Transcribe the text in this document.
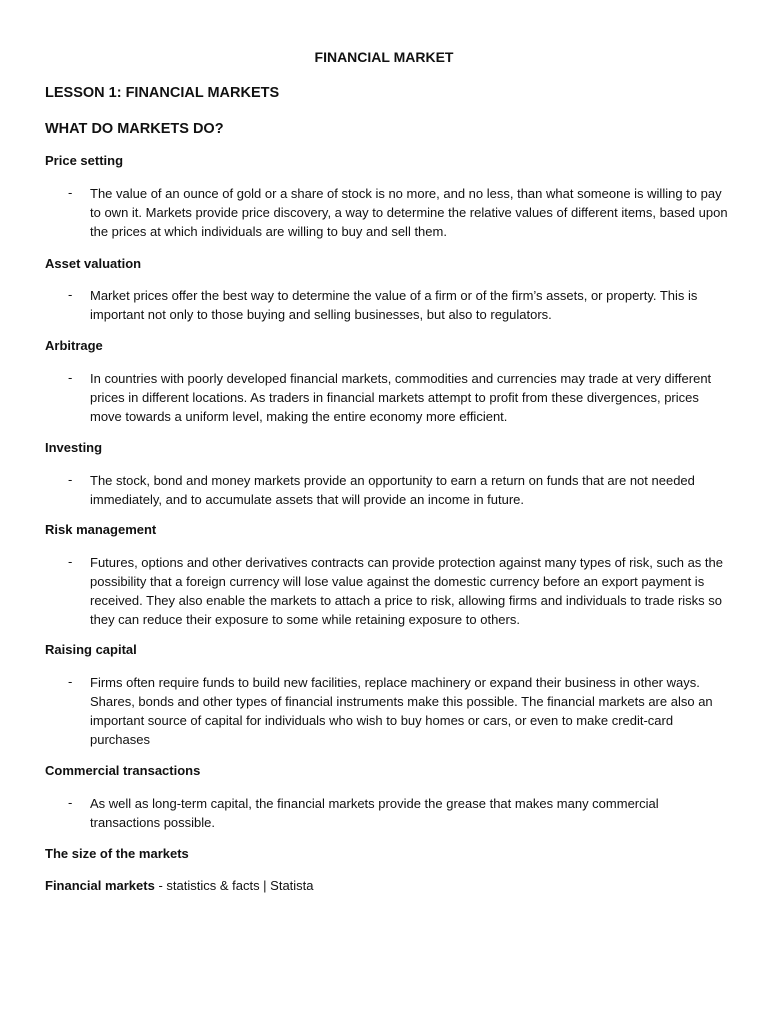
FINANCIAL MARKET
LESSON 1: FINANCIAL MARKETS
WHAT DO MARKETS DO?
Price setting
- The value of an ounce of gold or a share of stock is no more, and no less, than what someone is willing to pay to own it. Markets provide price discovery, a way to determine the relative values of different items, based upon the prices at which individuals are willing to buy and sell them.

Asset valuation
- Market prices offer the best way to determine the value of a firm or of the firm’s assets, or property. This is important not only to those buying and selling businesses, but also to regulators.

Arbitrage
- In countries with poorly developed financial markets, commodities and currencies may trade at very different prices in different locations. As traders in financial markets attempt to profit from these divergences, prices move towards a uniform level, making the entire economy more efficient.

Investing
- The stock, bond and money markets provide an opportunity to earn a return on funds that are not needed immediately, and to accumulate assets that will provide an income in future.

Risk management
- Futures, options and other derivatives contracts can provide protection against many types of risk, such as the possibility that a foreign currency will lose value against the domestic currency before an export payment is received. They also enable the markets to attach a price to risk, allowing firms and individuals to trade risks so they can reduce their exposure to some while retaining exposure to others.

Raising capital
- Firms often require funds to build new facilities, replace machinery or expand their business in other ways. Shares, bonds and other types of financial instruments make this possible. The financial markets are also an important source of capital for individuals who wish to buy homes or cars, or even to make credit-card purchases

Commercial transactions
- As well as long-term capital, the financial markets provide the grease that makes many commercial transactions possible.

The size of the markets

Financial markets - statistics & facts | Statista
